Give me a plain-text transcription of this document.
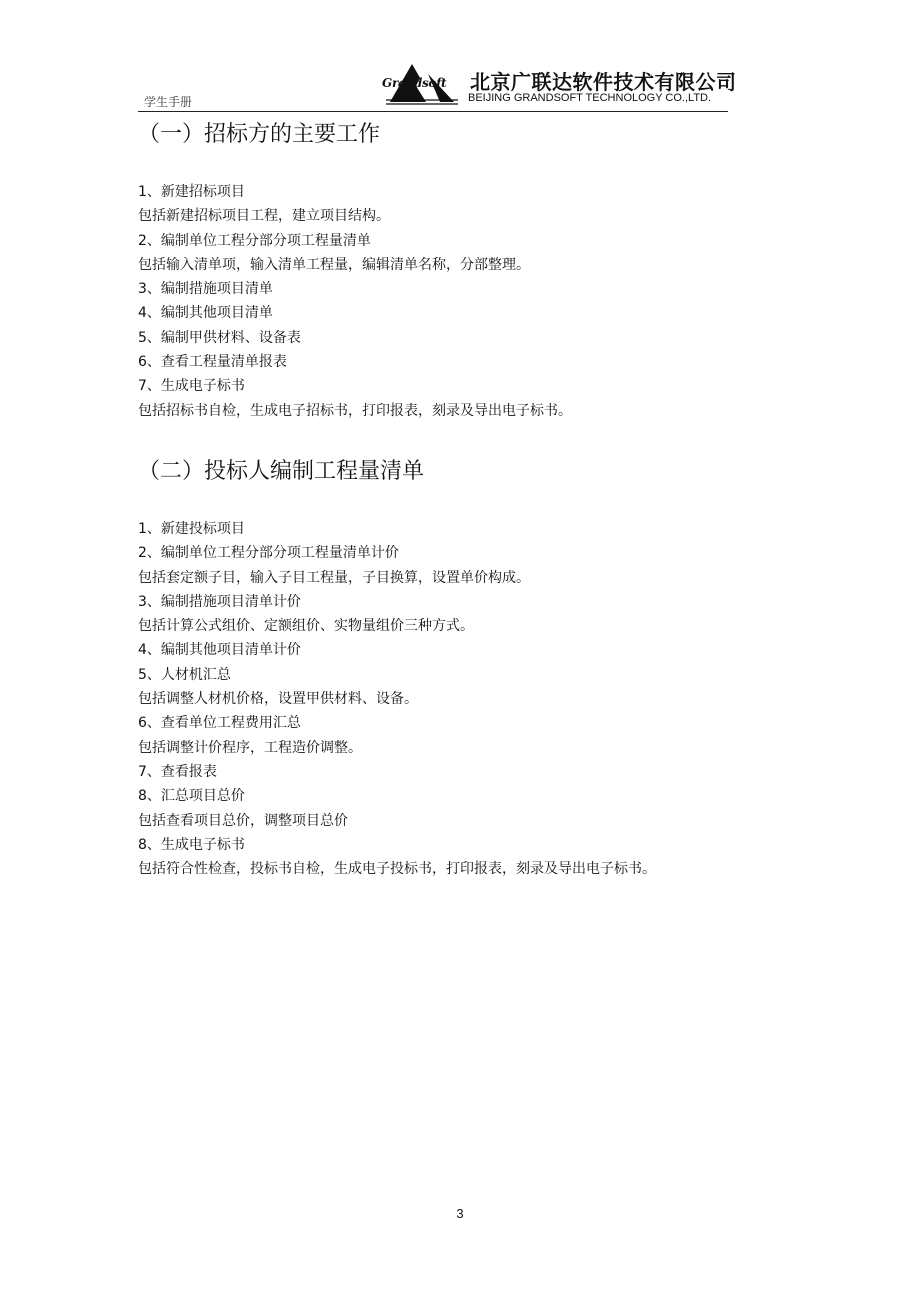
学生手册
Grandsoft 北京广联达软件技术有限公司
BEIJING GRANDSOFT TECHNOLOGY CO.,LTD.
（一）招标方的主要工作
1、新建招标项目
包括新建招标项目工程，建立项目结构。
2、编制单位工程分部分项工程量清单
包括输入清单项，输入清单工程量，编辑清单名称，分部整理。
3、编制措施项目清单
4、编制其他项目清单
5、编制甲供材料、设备表
6、查看工程量清单报表
7、生成电子标书
包括招标书自检，生成电子招标书，打印报表，刻录及导出电子标书。
（二）投标人编制工程量清单
1、新建投标项目
2、编制单位工程分部分项工程量清单计价
包括套定额子目，输入子目工程量，子目换算，设置单价构成。
3、编制措施项目清单计价
包括计算公式组价、定额组价、实物量组价三种方式。
4、编制其他项目清单计价
5、人材机汇总
包括调整人材机价格，设置甲供材料、设备。
6、查看单位工程费用汇总
包括调整计价程序，工程造价调整。
7、查看报表
8、汇总项目总价
包括查看项目总价，调整项目总价
8、生成电子标书
包括符合性检查，投标书自检，生成电子投标书，打印报表，刻录及导出电子标书。
3
